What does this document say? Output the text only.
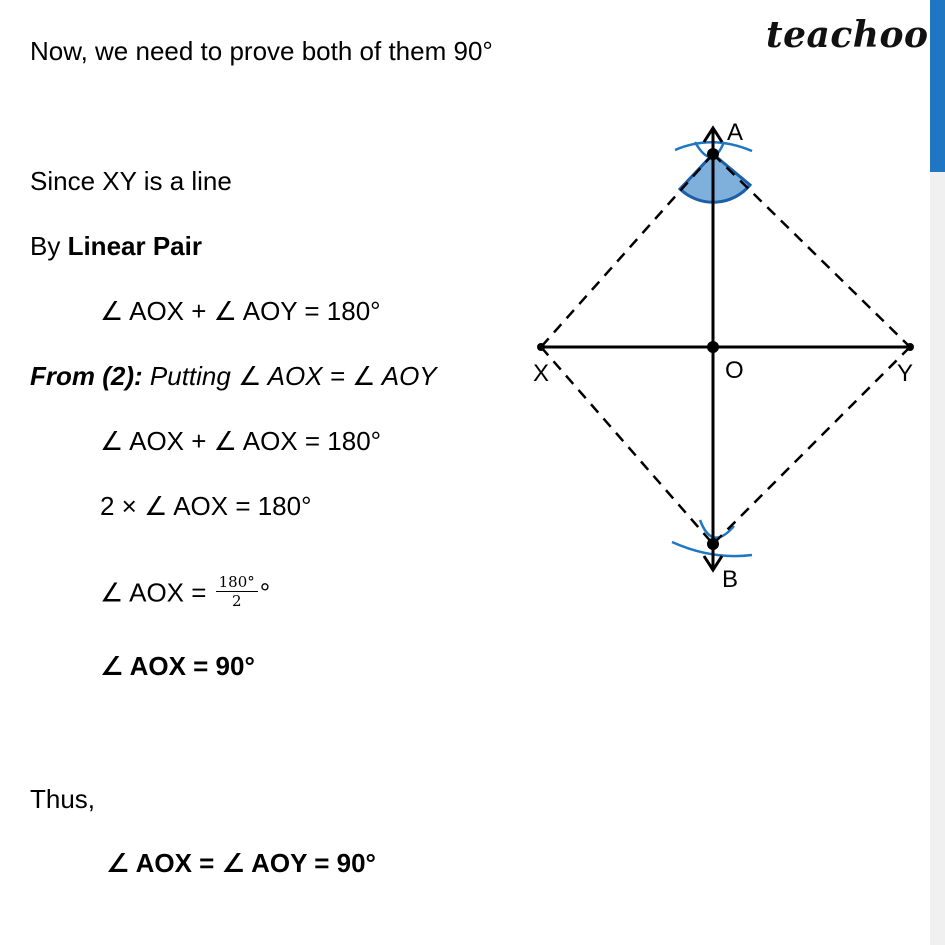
teachoo
Now, we need to prove both of them 90°
Since XY is a line
By Linear Pair
∠ AOX + ∠ AOY = 180°
From (2): Putting ∠ AOX = ∠ AOY
∠ AOX + ∠ AOX = 180°
2 × ∠ AOX = 180°
∠ AOX = $\frac{180^\circ}{2}$ °
∠ AOX = 90°
Thus,
∠ AOX = ∠ AOY = 90°
A
X	O	Y
B
